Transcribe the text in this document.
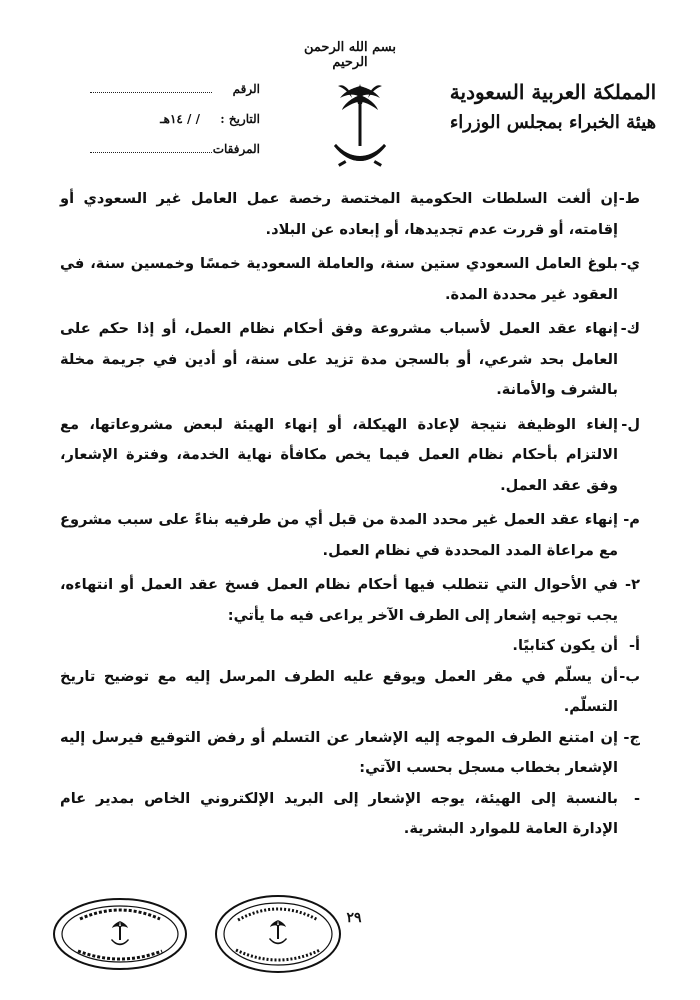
بسم الله الرحمن الرحيم
المملكة العربية السعودية
هيئة الخبراء بمجلس الوزراء
الرقم
التاريخ :
/ / ١٤هـ
المرفقات

ط-
إن ألغت السلطات الحكومية المختصة رخصة عمل العامل غير السعودي أو إقامته، أو قررت عدم تجديدها، أو إبعاده عن البلاد.

ي-
بلوغ العامل السعودي ستين سنة، والعاملة السعودية خمسًا وخمسين سنة، في العقود غير محددة المدة.

ك-
إنهاء عقد العمل لأسباب مشروعة وفق أحكام نظام العمل، أو إذا حكم على العامل بحد شرعي، أو بالسجن مدة تزيد على سنة، أو أدين في جريمة مخلة بالشرف والأمانة.

ل-
إلغاء الوظيفة نتيجة لإعادة الهيكلة، أو إنهاء الهيئة لبعض مشروعاتها، مع الالتزام بأحكام نظام العمل فيما يخص مكافأة نهاية الخدمة، وفترة الإشعار، وفق عقد العمل.

م-
إنهاء عقد العمل غير محدد المدة من قبل أي من طرفيه بناءً على سبب مشروع مع مراعاة المدد المحددة في نظام العمل.

٢-
في الأحوال التي تتطلب فيها أحكام نظام العمل فسخ عقد العمل أو انتهاءه، يجب توجيه إشعار إلى الطرف الآخر يراعى فيه ما يأتي:

أ-
أن يكون كتابيًا.

ب-
أن يسلّم في مقر العمل ويوقع عليه الطرف المرسل إليه مع توضيح تاريخ التسلّم.

ج-
إن امتنع الطرف الموجه إليه الإشعار عن التسلم أو رفض التوقيع فيرسل إليه الإشعار بخطاب مسجل بحسب الآتي:

-
بالنسبة إلى الهيئة، يوجه الإشعار إلى البريد الإلكتروني الخاص بمدير عام الإدارة العامة للموارد البشرية.

٢٩
